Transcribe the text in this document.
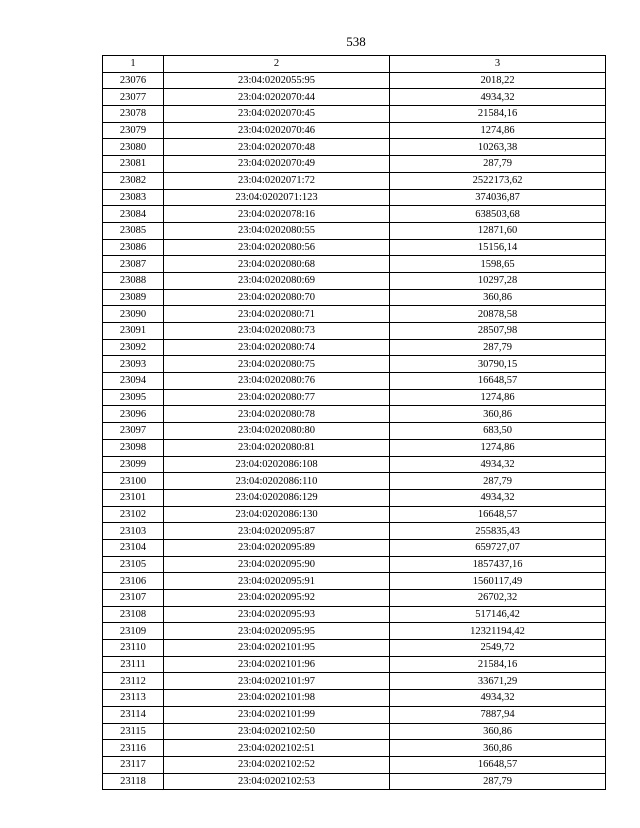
538
1	2	3
23076	23:04:0202055:95	2018,22
23077	23:04:0202070:44	4934,32
23078	23:04:0202070:45	21584,16
23079	23:04:0202070:46	1274,86
23080	23:04:0202070:48	10263,38
23081	23:04:0202070:49	287,79
23082	23:04:0202071:72	2522173,62
23083	23:04:0202071:123	374036,87
23084	23:04:0202078:16	638503,68
23085	23:04:0202080:55	12871,60
23086	23:04:0202080:56	15156,14
23087	23:04:0202080:68	1598,65
23088	23:04:0202080:69	10297,28
23089	23:04:0202080:70	360,86
23090	23:04:0202080:71	20878,58
23091	23:04:0202080:73	28507,98
23092	23:04:0202080:74	287,79
23093	23:04:0202080:75	30790,15
23094	23:04:0202080:76	16648,57
23095	23:04:0202080:77	1274,86
23096	23:04:0202080:78	360,86
23097	23:04:0202080:80	683,50
23098	23:04:0202080:81	1274,86
23099	23:04:0202086:108	4934,32
23100	23:04:0202086:110	287,79
23101	23:04:0202086:129	4934,32
23102	23:04:0202086:130	16648,57
23103	23:04:0202095:87	255835,43
23104	23:04:0202095:89	659727,07
23105	23:04:0202095:90	1857437,16
23106	23:04:0202095:91	1560117,49
23107	23:04:0202095:92	26702,32
23108	23:04:0202095:93	517146,42
23109	23:04:0202095:95	12321194,42
23110	23:04:0202101:95	2549,72
23111	23:04:0202101:96	21584,16
23112	23:04:0202101:97	33671,29
23113	23:04:0202101:98	4934,32
23114	23:04:0202101:99	7887,94
23115	23:04:0202102:50	360,86
23116	23:04:0202102:51	360,86
23117	23:04:0202102:52	16648,57
23118	23:04:0202102:53	287,79
